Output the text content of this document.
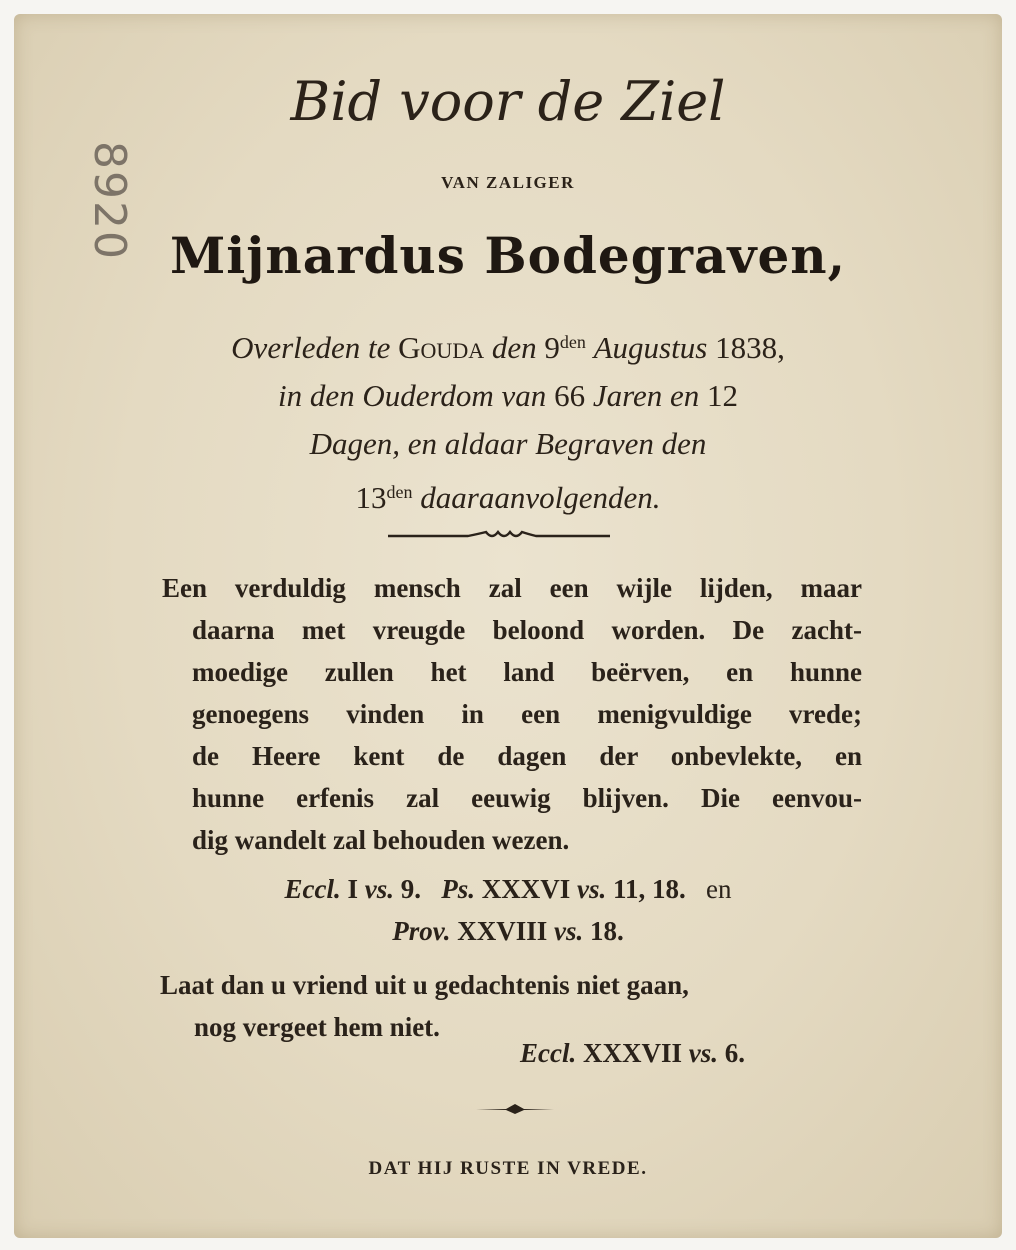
8920
Bid voor de Ziel
VAN ZALIGER
Mijnardus Bodegraven,
Overleden te Gouda den $9^{den}$ Augustus 1838,
in den Ouderdom van 66 Jaren en 12
Dagen, en aldaar Begraven den
$13^{den}$ daaraanvolgenden.
Een verduldig mensch zal een wijle lijden, maar
daarna met vreugde beloond worden. De zacht-
moedige zullen het land beërven, en hunne
genoegens vinden in een menigvuldige vrede;
de Heere kent de dagen der onbevlekte, en
hunne erfenis zal eeuwig blijven. Die eenvou-
dig wandelt zal behouden wezen.
Eccl. I vs. 9. Ps. XXXVI vs. 11, 18. en
Prov. XXVIII vs. 18.
Laat dan u vriend uit u gedachtenis niet gaan,
nog vergeet hem niet.
Eccl. XXXVII vs. 6.
DAT HIJ RUSTE IN VREDE.
